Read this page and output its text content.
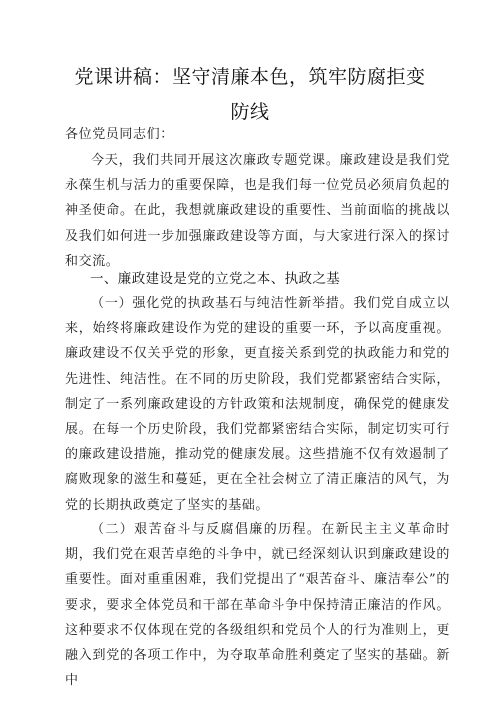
党课讲稿：坚守清廉本色，筑牢防腐拒变
防线
各位党员同志们：

今天，我们共同开展这次廉政专题党课。廉政建设是我们党永葆生机与活力的重要保障，也是我们每一位党员必须肩负起的神圣使命。在此，我想就廉政建设的重要性、当前面临的挑战以及我们如何进一步加强廉政建设等方面，与大家进行深入的探讨和交流。

一、廉政建设是党的立党之本、执政之基

（一）强化党的执政基石与纯洁性新举措。我们党自成立以来，始终将廉政建设作为党的建设的重要一环，予以高度重视。廉政建设不仅关乎党的形象，更直接关系到党的执政能力和党的先进性、纯洁性。在不同的历史阶段，我们党都紧密结合实际，制定了一系列廉政建设的方针政策和法规制度，确保党的健康发展。在每一个历史阶段，我们党都紧密结合实际，制定切实可行的廉政建设措施，推动党的健康发展。这些措施不仅有效遏制了腐败现象的滋生和蔓延，更在全社会树立了清正廉洁的风气，为党的长期执政奠定了坚实的基础。

（二）艰苦奋斗与反腐倡廉的历程。在新民主主义革命时期，我们党在艰苦卓绝的斗争中，就已经深刻认识到廉政建设的重要性。面对重重困难，我们党提出了“艰苦奋斗、廉洁奉公”的要求，要求全体党员和干部在革命斗争中保持清正廉洁的作风。这种要求不仅体现在党的各级组织和党员个人的行为准则上，更融入到党的各项工作中，为夺取革命胜利奠定了坚实的基础。新中
